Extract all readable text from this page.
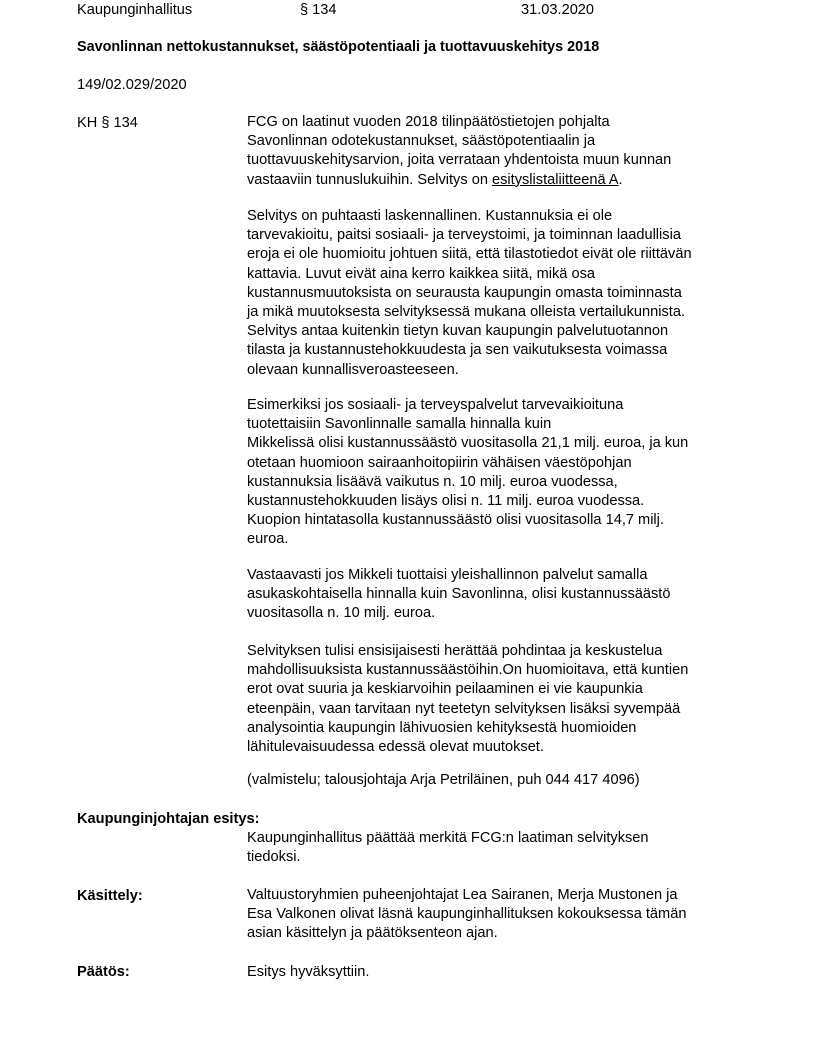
Kaupunginhallitus	§ 134	31.03.2020
Savonlinnan nettokustannukset, säästöpotentiaali ja tuottavuuskehitys 2018
149/02.029/2020
KH § 134	FCG on laatinut vuoden 2018 tilinpäätöstietojen pohjalta
Savonlinnan odotekustannukset, säästöpotentiaalin ja
tuottavuuskehitysarvion, joita verrataan yhdentoista muun kunnan
vastaaviin tunnuslukuihin. Selvitys on esityslistaliitteenä A.

Selvitys on puhtaasti laskennallinen. Kustannuksia ei ole
tarvevakioitu, paitsi sosiaali- ja terveystoimi, ja toiminnan laadullisia
eroja ei ole huomioitu johtuen siitä, että tilastotiedot eivät ole riittävän
kattavia. Luvut eivät aina kerro kaikkea siitä, mikä osa
kustannusmuutoksista on seurausta kaupungin omasta toiminnasta
ja mikä muutoksesta selvityksessä mukana olleista vertailukunnista.
Selvitys antaa kuitenkin tietyn kuvan kaupungin palvelutuotannon
tilasta ja kustannustehokkuudesta ja sen vaikutuksesta voimassa
olevaan kunnallisveroasteeseen.

Esimerkiksi jos sosiaali- ja terveyspalvelut tarvevaikioituna
tuotettaisiin Savonlinnalle samalla hinnalla kuin
Mikkelissä olisi kustannussäästö vuositasolla 21,1 milj. euroa, ja kun
otetaan huomioon sairaanhoitopiirin vähäisen väestöpohjan
kustannuksia lisäävä vaikutus n. 10 milj. euroa vuodessa,
kustannustehokkuuden lisäys olisi n. 11 milj. euroa vuodessa.
Kuopion hintatasolla kustannussäästö olisi vuositasolla 14,7 milj.
euroa.

Vastaavasti jos Mikkeli tuottaisi yleishallinnon palvelut samalla
asukaskohtaisella hinnalla kuin Savonlinna, olisi kustannussäästö
vuositasolla n. 10 milj. euroa.

Selvityksen tulisi ensisijaisesti herättää pohdintaa ja keskustelua
mahdollisuuksista kustannussäästöihin.On huomioitava, että kuntien
erot ovat suuria ja keskiarvoihin peilaaminen ei vie kaupunkia
eteenpäin, vaan tarvitaan nyt teetetyn selvityksen lisäksi syvempää
analysointia kaupungin lähivuosien kehityksestä huomioiden
lähitulevaisuudessa edessä olevat muutokset.

(valmistelu; talousjohtaja Arja Petriläinen, puh 044 417 4096)

Kaupunginjohtajan esitys:

Kaupunginhallitus päättää merkitä FCG:n laatiman selvityksen
tiedoksi.

Käsittely:	Valtuustoryhmien puheenjohtajat Lea Sairanen, Merja Mustonen ja
Esa Valkonen olivat läsnä kaupunginhallituksen kokouksessa tämän
asian käsittelyn ja päätöksenteon ajan.

Päätös:	Esitys hyväksyttiin.
